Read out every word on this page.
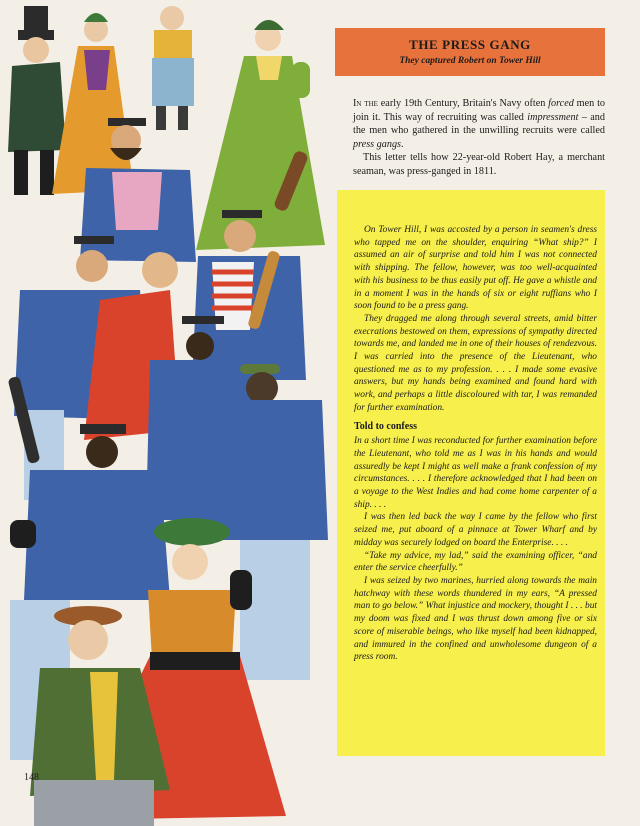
148
THE PRESS GANG
They captured Robert on Tower Hill

In the early 19th Century, Britain's Navy often forced men to join it. This way of recruiting was called impressment – and the men who gathered in the unwilling recruits were called press gangs.

This letter tells how 22-year-old Robert Hay, a merchant seaman, was press-ganged in 1811.

On Tower Hill, I was accosted by a person in seamen's dress who tapped me on the shoulder, enquiring “What ship?” I assumed an air of surprise and told him I was not connected with shipping. The fellow, however, was too well-acquainted with his business to be thus easily put off. He gave a whistle and in a moment I was in the hands of six or eight ruffians who I soon found to be a press gang.

They dragged me along through several streets, amid bitter execrations bestowed on them, expressions of sympathy directed towards me, and landed me in one of their houses of rendezvous. I was carried into the presence of the Lieutenant, who questioned me as to my profession. . . . I made some evasive answers, but my hands being examined and found hard with work, and perhaps a little discoloured with tar, I was remanded for further examination.

Told to confess

In a short time I was reconducted for further examination before the Lieutenant, who told me as I was in his hands and would assuredly be kept I might as well make a frank confession of my circumstances. . . . I therefore acknowledged that I had been on a voyage to the West Indies and had come home carpenter of a ship. . . .

I was then led back the way I came by the fellow who first seized me, put aboard of a pinnace at Tower Wharf and by midday was securely lodged on board the Enterprise. . . .

“Take my advice, my lad,” said the examining officer, “and enter the service cheerfully.”

I was seized by two marines, hurried along towards the main hatchway with these words thundered in my ears, “A pressed man to go below.” What injustice and mockery, thought I . . . but my doom was fixed and I was thrust down among five or six score of miserable beings, who like myself had been kidnapped, and immured in the confined and unwholesome dungeon of a press room.
